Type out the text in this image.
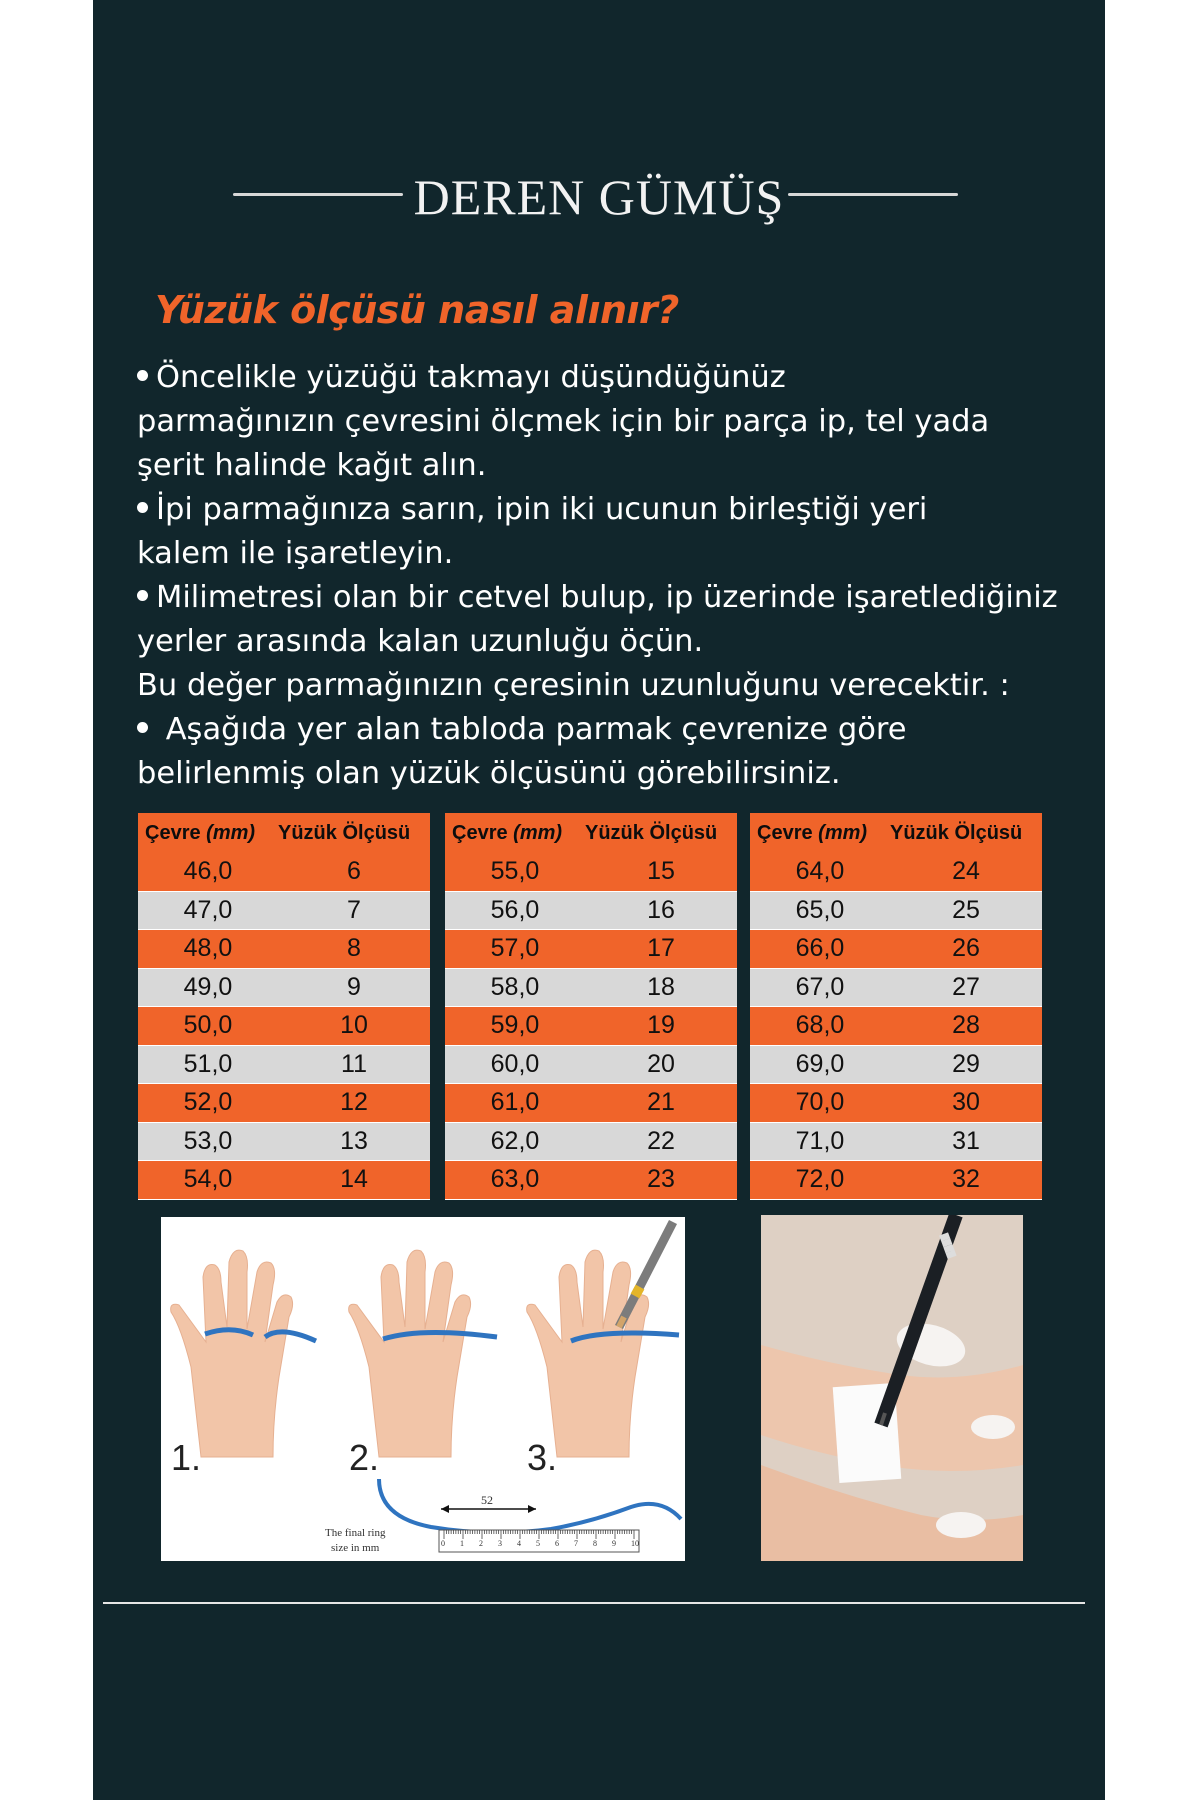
DEREN GÜMÜŞ
Yüzük ölçüsü nasıl alınır?

Öncelikle yüzüğü takmayı düşündüğünüz

parmağınızın çevresini ölçmek için bir parça ip, tel yada

şerit halinde kağıt alın.

İpi parmağınıza sarın, ipin iki ucunun birleştiği yeri

kalem ile işaretleyin.

Milimetresi olan bir cetvel bulup, ip üzerinde işaretlediğiniz

yerler arasında kalan uzunluğu öçün.

Bu değer parmağınızın çeresinin uzunluğunu verecektir. :

Aşağıda yer alan tabloda parmak çevrenize göre

belirlenmiş olan yüzük ölçüsünü görebilirsiniz.

Çevre (mm)	Yüzük Ölçüsü
46,0	6
47,0	7
48,0	8
49,0	9
50,0	10
51,0	11
52,0	12
53,0	13
54,0	14
Çevre (mm)	Yüzük Ölçüsü
55,0	15
56,0	16
57,0	17
58,0	18
59,0	19
60,0	20
61,0	21
62,0	22
63,0	23
Çevre (mm)	Yüzük Ölçüsü
64,0	24
65,0	25
66,0	26
67,0	27
68,0	28
69,0	29
70,0	30
71,0	31
72,0	32
1.	2.	3.
52
The final ring
size in mm	0 1 2 3 4 5 6 7 8 9 10
████
